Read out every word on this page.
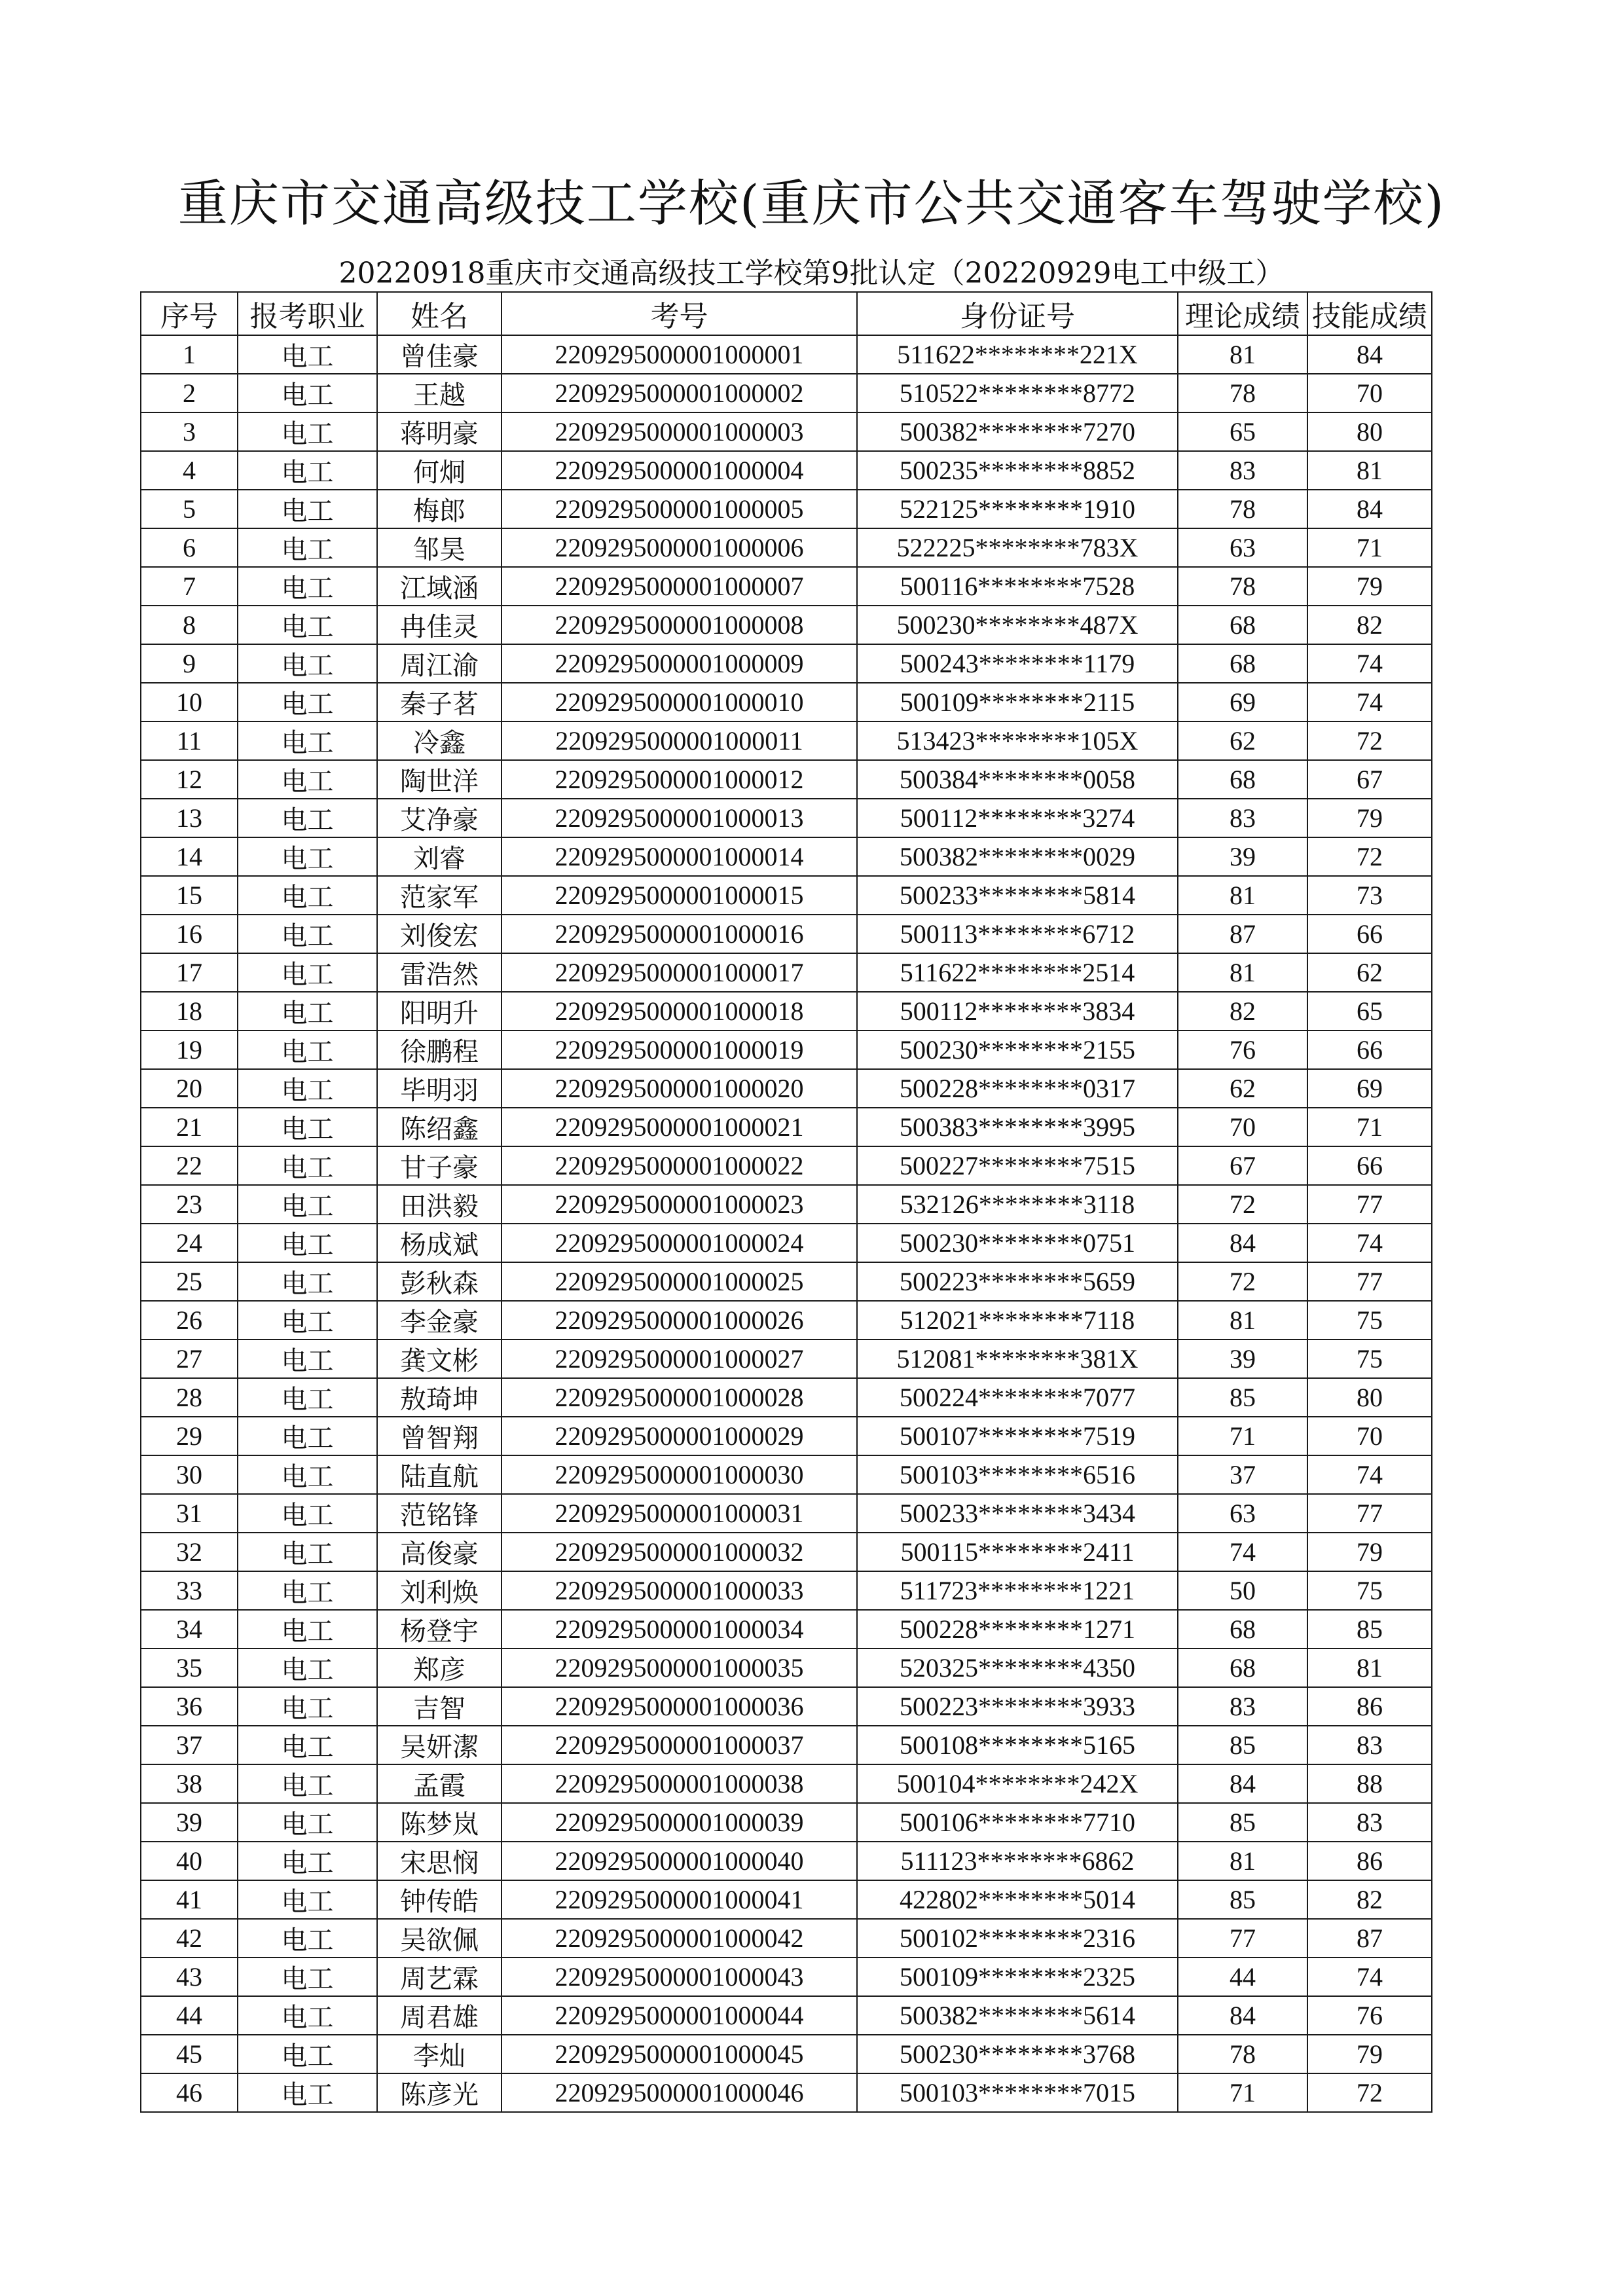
重庆市交通高级技工学校(重庆市公共交通客车驾驶学校)
20220918重庆市交通高级技工学校第9批认定（20220929电工中级工）
序号	报考职业	姓名	考号	身份证号	理论成绩	技能成绩
1	电工	曾佳豪	2209295000001000001	511622********221X	81	84
2	电工	王越	2209295000001000002	510522********8772	78	70
3	电工	蒋明豪	2209295000001000003	500382********7270	65	80
4	电工	何炯	2209295000001000004	500235********8852	83	81
5	电工	梅郎	2209295000001000005	522125********1910	78	84
6	电工	邹昊	2209295000001000006	522225********783X	63	71
7	电工	江域涵	2209295000001000007	500116********7528	78	79
8	电工	冉佳灵	2209295000001000008	500230********487X	68	82
9	电工	周江渝	2209295000001000009	500243********1179	68	74
10	电工	秦子茗	2209295000001000010	500109********2115	69	74
11	电工	冷鑫	2209295000001000011	513423********105X	62	72
12	电工	陶世洋	2209295000001000012	500384********0058	68	67
13	电工	艾净豪	2209295000001000013	500112********3274	83	79
14	电工	刘睿	2209295000001000014	500382********0029	39	72
15	电工	范家军	2209295000001000015	500233********5814	81	73
16	电工	刘俊宏	2209295000001000016	500113********6712	87	66
17	电工	雷浩然	2209295000001000017	511622********2514	81	62
18	电工	阳明升	2209295000001000018	500112********3834	82	65
19	电工	徐鹏程	2209295000001000019	500230********2155	76	66
20	电工	毕明羽	2209295000001000020	500228********0317	62	69
21	电工	陈绍鑫	2209295000001000021	500383********3995	70	71
22	电工	甘子豪	2209295000001000022	500227********7515	67	66
23	电工	田洪毅	2209295000001000023	532126********3118	72	77
24	电工	杨成斌	2209295000001000024	500230********0751	84	74
25	电工	彭秋森	2209295000001000025	500223********5659	72	77
26	电工	李金豪	2209295000001000026	512021********7118	81	75
27	电工	龚文彬	2209295000001000027	512081********381X	39	75
28	电工	敖琦坤	2209295000001000028	500224********7077	85	80
29	电工	曾智翔	2209295000001000029	500107********7519	71	70
30	电工	陆直航	2209295000001000030	500103********6516	37	74
31	电工	范铭锋	2209295000001000031	500233********3434	63	77
32	电工	高俊豪	2209295000001000032	500115********2411	74	79
33	电工	刘利焕	2209295000001000033	511723********1221	50	75
34	电工	杨登宇	2209295000001000034	500228********1271	68	85
35	电工	郑彦	2209295000001000035	520325********4350	68	81
36	电工	吉智	2209295000001000036	500223********3933	83	86
37	电工	吴妍潔	2209295000001000037	500108********5165	85	83
38	电工	孟霞	2209295000001000038	500104********242X	84	88
39	电工	陈梦岚	2209295000001000039	500106********7710	85	83
40	电工	宋思悯	2209295000001000040	511123********6862	81	86
41	电工	钟传皓	2209295000001000041	422802********5014	85	82
42	电工	吴欲佩	2209295000001000042	500102********2316	77	87
43	电工	周艺霖	2209295000001000043	500109********2325	44	74
44	电工	周君雄	2209295000001000044	500382********5614	84	76
45	电工	李灿	2209295000001000045	500230********3768	78	79
46	电工	陈彦光	2209295000001000046	500103********7015	71	72
